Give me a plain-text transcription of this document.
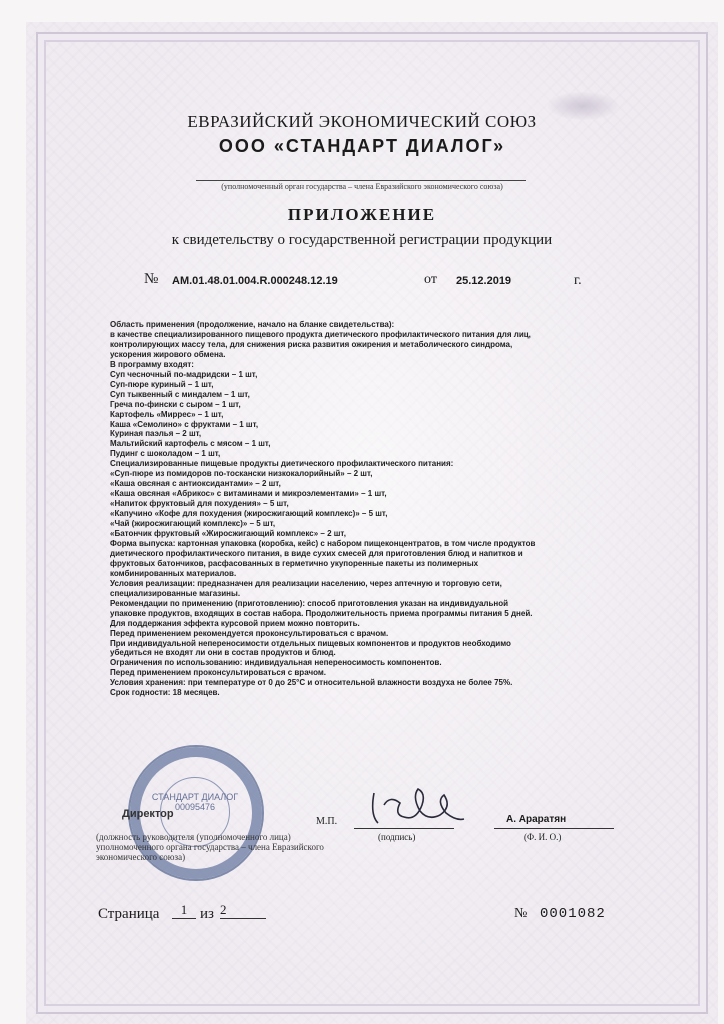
ЕВРАЗИЙСКИЙ ЭКОНОМИЧЕСКИЙ СОЮЗ
ООО «СТАНДАРТ ДИАЛОГ»
(уполномоченный орган государства – члена Евразийского экономического союза)
ПРИЛОЖЕНИЕ
к свидетельству о государственной регистрации продукции
№ AM.01.48.01.004.R.000248.12.19	от 25.12.2019	г.
Область применения (продолжение, начало на бланке свидетельства):
в качестве специализированного пищевого продукта диетического профилактического питания для лиц,
контролирующих массу тела, для снижения риска развития ожирения и метаболического синдрома,
ускорения жирового обмена.
В программу входят:
Суп чесночный по-мадридски – 1 шт,
Суп-пюре куриный – 1 шт,
Суп тыквенный с миндалем – 1 шт,
Греча по-фински с сыром – 1 шт,
Картофель «Миррес» – 1 шт,
Каша «Семолино» с фруктами – 1 шт,
Куриная паэлья – 2 шт,
Мальтийский картофель с мясом – 1 шт,
Пудинг с шоколадом – 1 шт,
Специализированные пищевые продукты диетического профилактического питания:
«Суп-пюре из помидоров по-тоскански низкокалорийный» – 2 шт,
«Каша овсяная с антиоксидантами» – 2 шт,
«Каша овсяная «Абрикос» с витаминами и микроэлементами» – 1 шт,
«Напиток фруктовый для похудения» – 5 шт,
«Капучино «Кофе для похудения (жиросжигающий комплекс)» – 5 шт,
«Чай (жиросжигающий комплекс)» – 5 шт,
«Батончик фруктовый «Жиросжигающий комплекс» – 2 шт,
Форма выпуска: картонная упаковка (коробка, кейс) с набором пищеконцентратов, в том числе продуктов
диетического профилактического питания, в виде сухих смесей для приготовления блюд и напитков и
фруктовых батончиков, расфасованных в герметично укупоренные пакеты из полимерных
комбинированных материалов.
Условия реализации: предназначен для реализации населению, через аптечную и торговую сети,
специализированные магазины.
Рекомендации по применению (приготовлению): способ приготовления указан на индивидуальной
упаковке продуктов, входящих в состав набора. Продолжительность приема программы питания 5 дней.
Для поддержания эффекта курсовой прием можно повторить.
Перед применением рекомендуется проконсультироваться с врачом.
При индивидуальной непереносимости отдельных пищевых компонентов и продуктов необходимо
убедиться не входят ли они в состав продуктов и блюд.
Ограничения по использованию: индивидуальная непереносимость компонентов.
Перед применением проконсультироваться с врачом.
Условия хранения: при температуре от 0 до 25°С и относительной влажности воздуха не более 75%.
Срок годности: 18 месяцев.
СТАНДАРТ ДИАЛОГ
00095476
Директор
(должность руководителя (уполномоченного лица) уполномоченного органа государства – члена Евразийского экономического союза)
М.П.
(подпись)
А. Араратян
(Ф. И. О.)
Страница	1 из 2	№ 0001082
